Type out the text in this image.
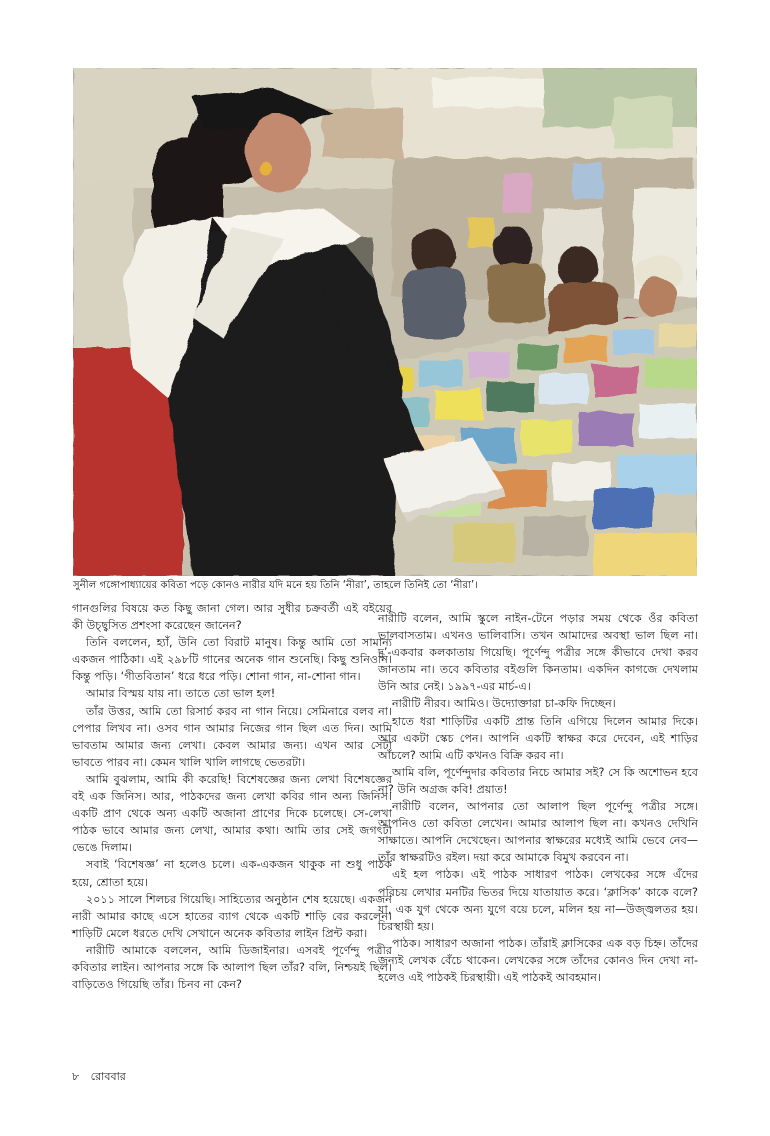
সুনীল গঙ্গোপাধ্যায়ের কবিতা পড়ে কোনও নারীর যদি মনে হয় তিনি ‘নীরা’, তাহলে তিনিই তো ‘নীরা’।

গানগুলির বিষয়ে কত কিছু জানা গেল। আর সুধীর চক্রবর্তী এই বইয়ের কী উচ্ছ্বসিত প্রশংসা করেছেন জানেন?

তিনি বললেন, হ্যাঁ, উনি তো বিরাট মানুষ। কিন্তু আমি তো সামান্য একজন পাঠিকা। এই ২৯৮টি গানের অনেক গান শুনেছি। কিছু শুনিওনি। কিন্তু পড়ি। ‘গীতবিতান’ ধরে ধরে পড়ি। শোনা গান, না-শোনা গান।

আমার বিস্ময় যায় না। তাতে তো ভাল হল!

তাঁর উত্তর, আমি তো রিসার্চ করব না গান নিয়ে। সেমিনারে বলব না। পেপার লিখব না। ওসব গান আমার নিজের গান ছিল এত দিন। আমি ভাবতাম আমার জন্য লেখা। কেবল আমার জন্য। এখন আর সেটা ভাবতে পারব না। কেমন খালি খালি লাগছে ভেতরটা।

আমি বুঝলাম, আমি কী করেছি! বিশেষজ্ঞের জন্য লেখা বিশেষজ্ঞের বই এক জিনিস। আর, পাঠকদের জন্য লেখা কবির গান অন্য জিনিস। একটি প্রাণ থেকে অন্য একটি অজানা প্রাণের দিকে চলেছে। সে-লেখা পাঠক ভাবে আমার জন্য লেখা, আমার কথা। আমি তার সেই জগৎটা ভেঙে দিলাম।

সবাই ‘বিশেষজ্ঞ’ না হলেও চলে। এক-একজন থাকুক না শুধু পাঠক হয়ে, শ্রোতা হয়ে।

২০১১ সালে শিলচর গিয়েছি। সাহিত্যের অনুষ্ঠান শেষ হয়েছে। একজন নারী আমার কাছে এসে হাতের ব্যাগ থেকে একটি শাড়ি বের করলেন। শাড়িটি মেলে ধরতে দেখি সেখানে অনেক কবিতার লাইন প্রিন্ট করা।

নারীটি আমাকে বললেন, আমি ডিজাইনার। এসবই পূর্ণেন্দু পত্রীর কবিতার লাইন। আপনার সঙ্গে কি আলাপ ছিল তাঁর? বলি, নিশ্চয়ই ছিল। বাড়িতেও গিয়েছি তাঁর। চিনব না কেন?

নারীটি বলেন, আমি স্কুলে নাইন-টেনে পড়ার সময় থেকে ওঁর কবিতা ভালবাসতাম। এখনও ভালিবাসি। তখন আমাদের অবস্থা ভাল ছিল না। দু’-একবার কলকাতায় গিয়েছি। পূর্ণেন্দু পত্রীর সঙ্গে কীভাবে দেখা করব জানতাম না। তবে কবিতার বইগুলি কিনতাম। একদিন কাগজে দেখলাম উনি আর নেই। ১৯৯৭-এর মার্চ-এ।

নারীটি নীরব। আমিও। উদ্যোক্তারা চা-কফি দিচ্ছেন।

হাতে ধরা শাড়িটির একটি প্রান্ত তিনি এগিয়ে দিলেন আমার দিকে। আর একটা স্কেচ পেন। আপনি একটি স্বাক্ষর করে দেবেন, এই শাড়ির আঁচলে? আমি এটি কখনও বিক্রি করব না।

আমি বলি, পূর্ণেন্দুদার কবিতার নিচে আমার সই? সে কি অশোভন হবে না? উনি অগ্রজ কবি! প্রয়াত!

নারীটি বলেন, আপনার তো আলাপ ছিল পূর্ণেন্দু পত্রীর সঙ্গে। আপনিও তো কবিতা লেখেন। আমার আলাপ ছিল না। কখনও দেখিনি সাক্ষাতে। আপনি দেখেছেন। আপনার স্বাক্ষরের মধ্যেই আমি ভেবে নেব—তাঁর স্বাক্ষরটিও রইল। দয়া করে আমাকে বিমুখ করবেন না।

এই হল পাঠক। এই পাঠক সাধারণ পাঠক। লেখকের সঙ্গে এঁদের পরিচয় লেখার মনটির ভিতর দিয়ে যাতায়াত করে। ‘ক্লাসিক’ কাকে বলে? যা, এক যুগ থেকে অন্য যুগে বয়ে চলে, মলিন হয় না—উজ্জ্বলতর হয়। চিরস্থায়ী হয়।

পাঠক। সাধারণ অজানা পাঠক। তাঁরাই ক্লাসিকের এক বড় চিহ্ন। তাঁদের জন্যই লেখক বেঁচে থাকেন। লেখকের সঙ্গে তাঁদের কোনও দিন দেখা না-হলেও এই পাঠকই চিরস্থায়ী। এই পাঠকই আবহমান।

৮ রোববার
